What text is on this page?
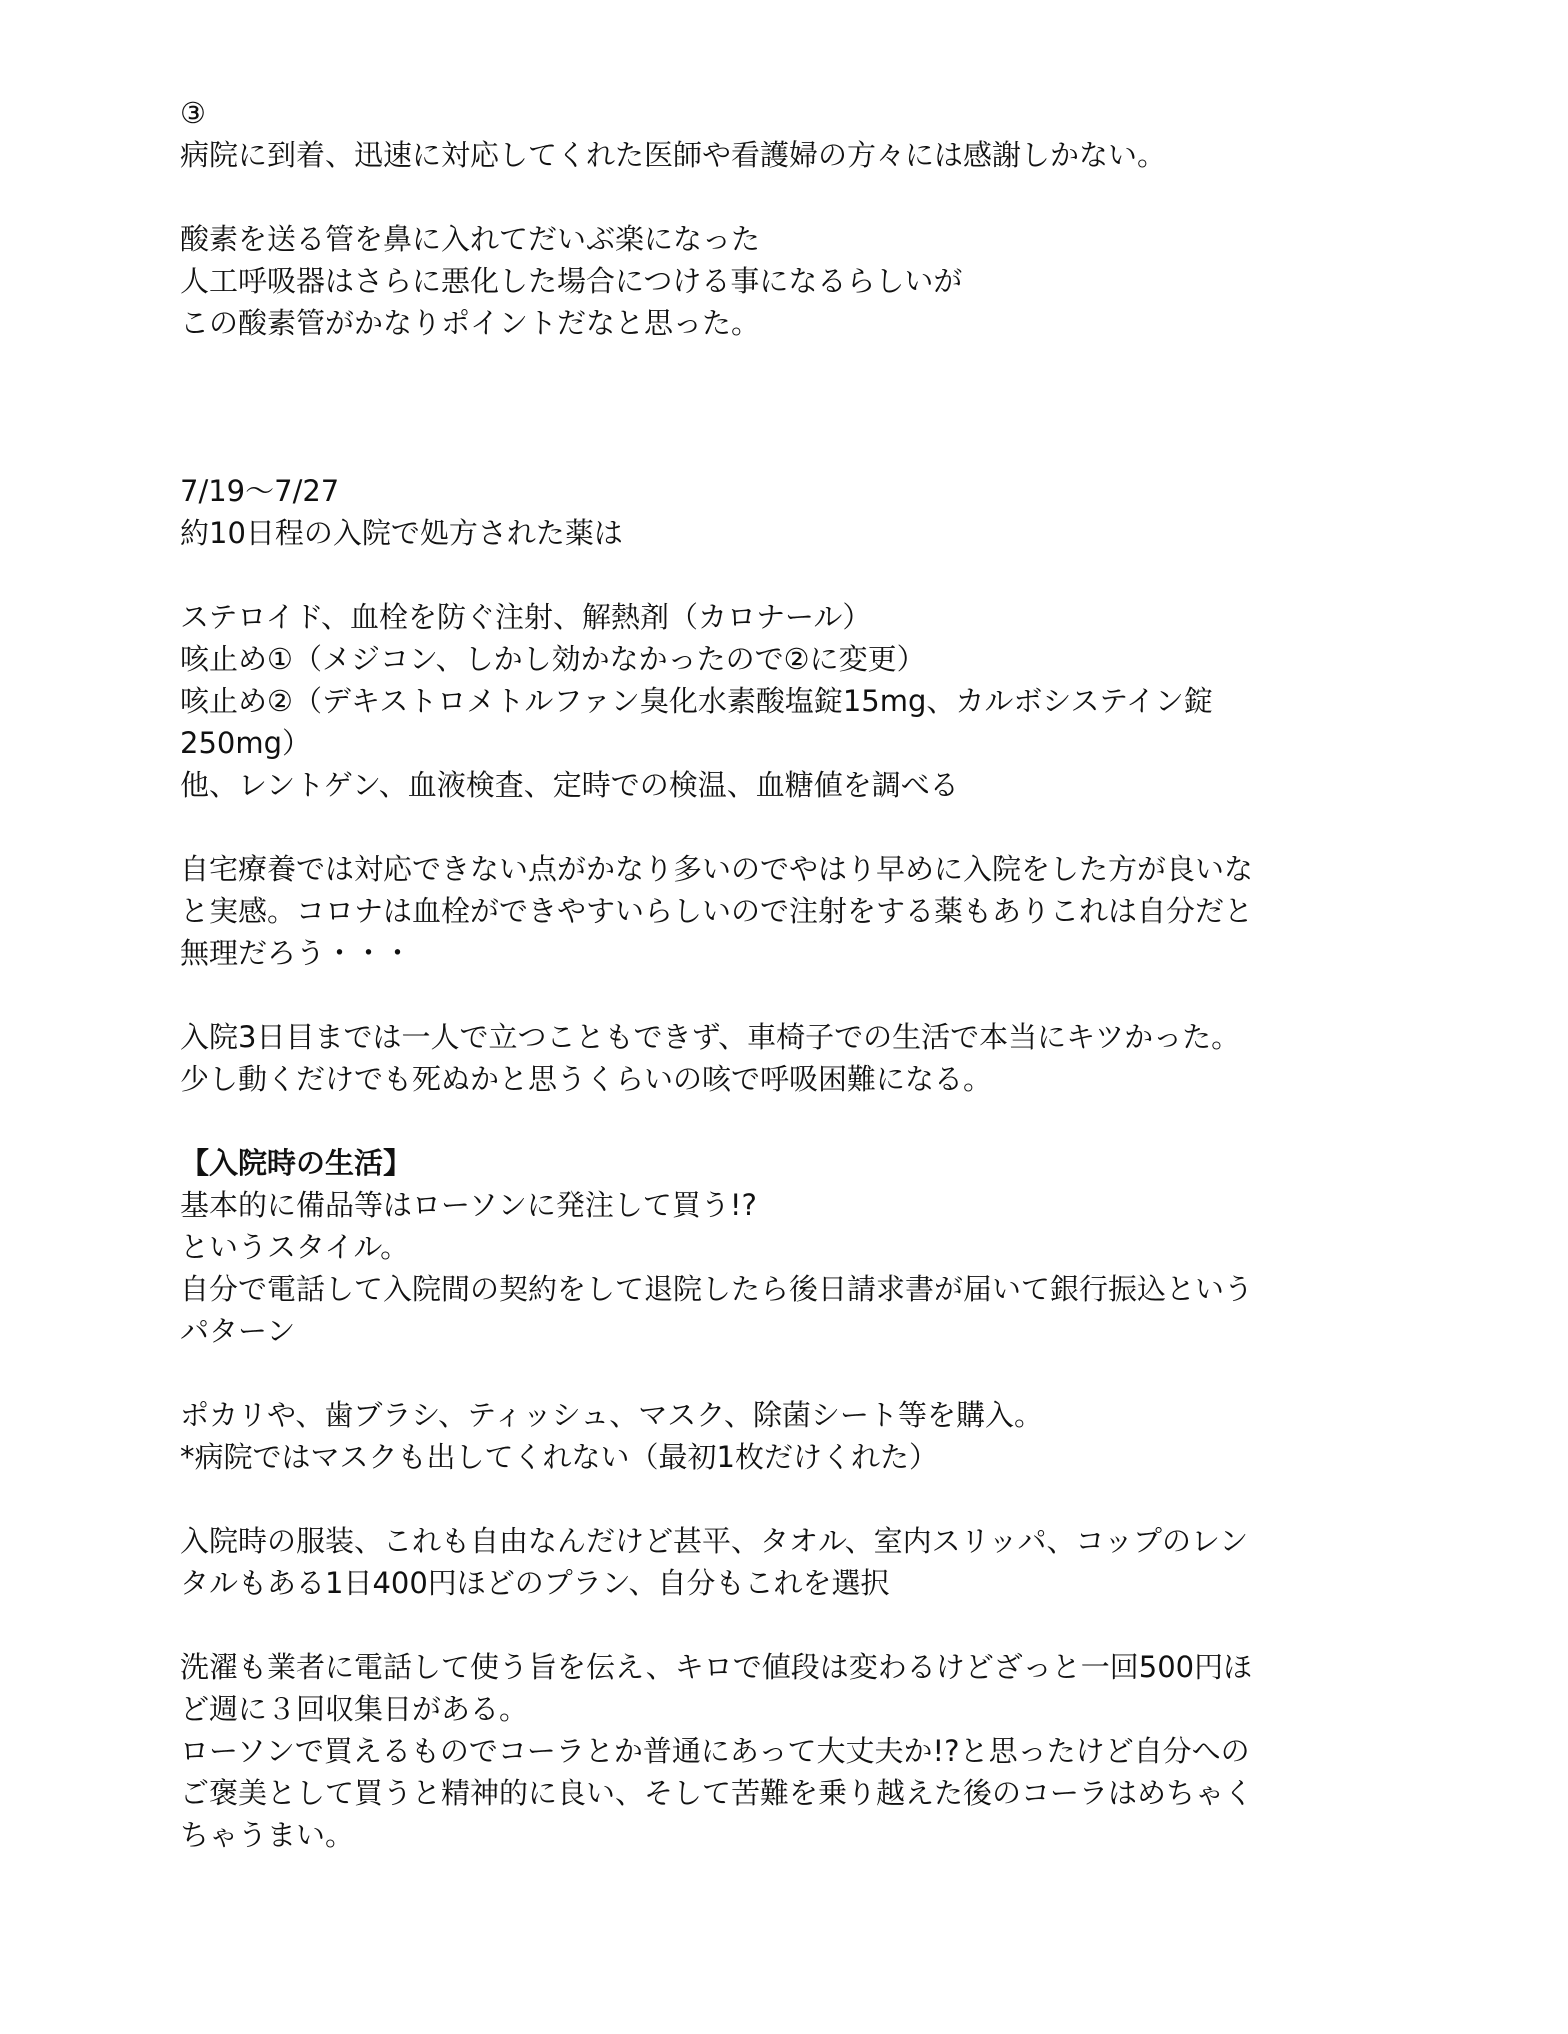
③
病院に到着、迅速に対応してくれた医師や看護婦の方々には感謝しかない。
酸素を送る管を鼻に入れてだいぶ楽になった
人工呼吸器はさらに悪化した場合につける事になるらしいが
この酸素管がかなりポイントだなと思った。
7/19〜7/27
約10日程の入院で処方された薬は
ステロイド、血栓を防ぐ注射、解熱剤（カロナール）
咳止め①（メジコン、しかし効かなかったので②に変更）
咳止め②（デキストロメトルファン臭化水素酸塩錠15mg、カルボシステイン錠
250mg）
他、レントゲン、血液検査、定時での検温、血糖値を調べる
自宅療養では対応できない点がかなり多いのでやはり早めに入院をした方が良いな
と実感。コロナは血栓ができやすいらしいので注射をする薬もありこれは自分だと
無理だろう・・・
入院3日目までは一人で立つこともできず、車椅子での生活で本当にキツかった。
少し動くだけでも死ぬかと思うくらいの咳で呼吸困難になる。
【入院時の生活】
基本的に備品等はローソンに発注して買う!?
というスタイル。
自分で電話して入院間の契約をして退院したら後日請求書が届いて銀行振込という
パターン
ポカリや、歯ブラシ、ティッシュ、マスク、除菌シート等を購入。
*病院ではマスクも出してくれない（最初1枚だけくれた）
入院時の服装、これも自由なんだけど甚平、タオル、室内スリッパ、コップのレン
タルもある1日400円ほどのプラン、自分もこれを選択
洗濯も業者に電話して使う旨を伝え、キロで値段は変わるけどざっと一回500円ほ
ど週に３回収集日がある。
ローソンで買えるものでコーラとか普通にあって大丈夫か!?と思ったけど自分への
ご褒美として買うと精神的に良い、そして苦難を乗り越えた後のコーラはめちゃく
ちゃうまい。
